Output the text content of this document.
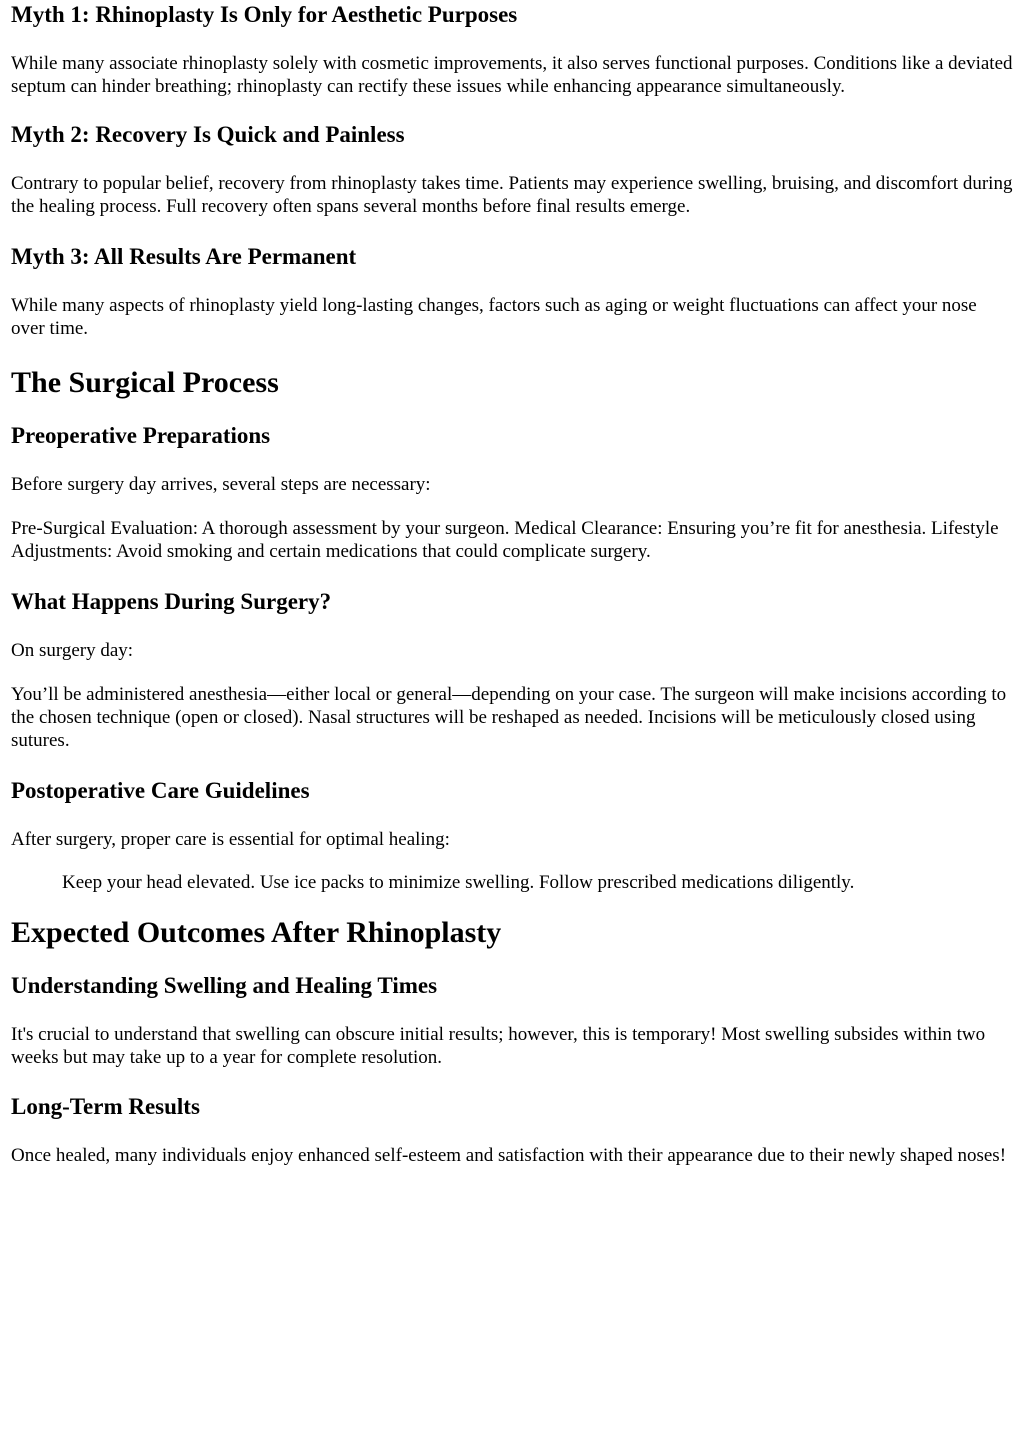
Myth 1: Rhinoplasty Is Only for Aesthetic Purposes

While many associate rhinoplasty solely with cosmetic improvements, it also serves functional purposes. Conditions like a deviated septum can hinder breathing; rhinoplasty can rectify these issues while enhancing appearance simultaneously.

Myth 2: Recovery Is Quick and Painless

Contrary to popular belief, recovery from rhinoplasty takes time. Patients may experience swelling, bruising, and discomfort during the healing process. Full recovery often spans several months before final results emerge.

Myth 3: All Results Are Permanent

While many aspects of rhinoplasty yield long-lasting changes, factors such as aging or weight fluctuations can affect your nose over time.

The Surgical Process
Preoperative Preparations

Before surgery day arrives, several steps are necessary:

Pre-Surgical Evaluation: A thorough assessment by your surgeon. Medical Clearance: Ensuring you’re fit for anesthesia. Lifestyle Adjustments: Avoid smoking and certain medications that could complicate surgery.

What Happens During Surgery?

On surgery day:

You’ll be administered anesthesia—either local or general—depending on your case. The surgeon will make incisions according to the chosen technique (open or closed). Nasal structures will be reshaped as needed. Incisions will be meticulously closed using sutures.

Postoperative Care Guidelines

After surgery, proper care is essential for optimal healing:

Keep your head elevated. Use ice packs to minimize swelling. Follow prescribed medications diligently.

Expected Outcomes After Rhinoplasty
Understanding Swelling and Healing Times

It's crucial to understand that swelling can obscure initial results; however, this is temporary! Most swelling subsides within two weeks but may take up to a year for complete resolution.

Long-Term Results

Once healed, many individuals enjoy enhanced self-esteem and satisfaction with their appearance due to their newly shaped noses!
